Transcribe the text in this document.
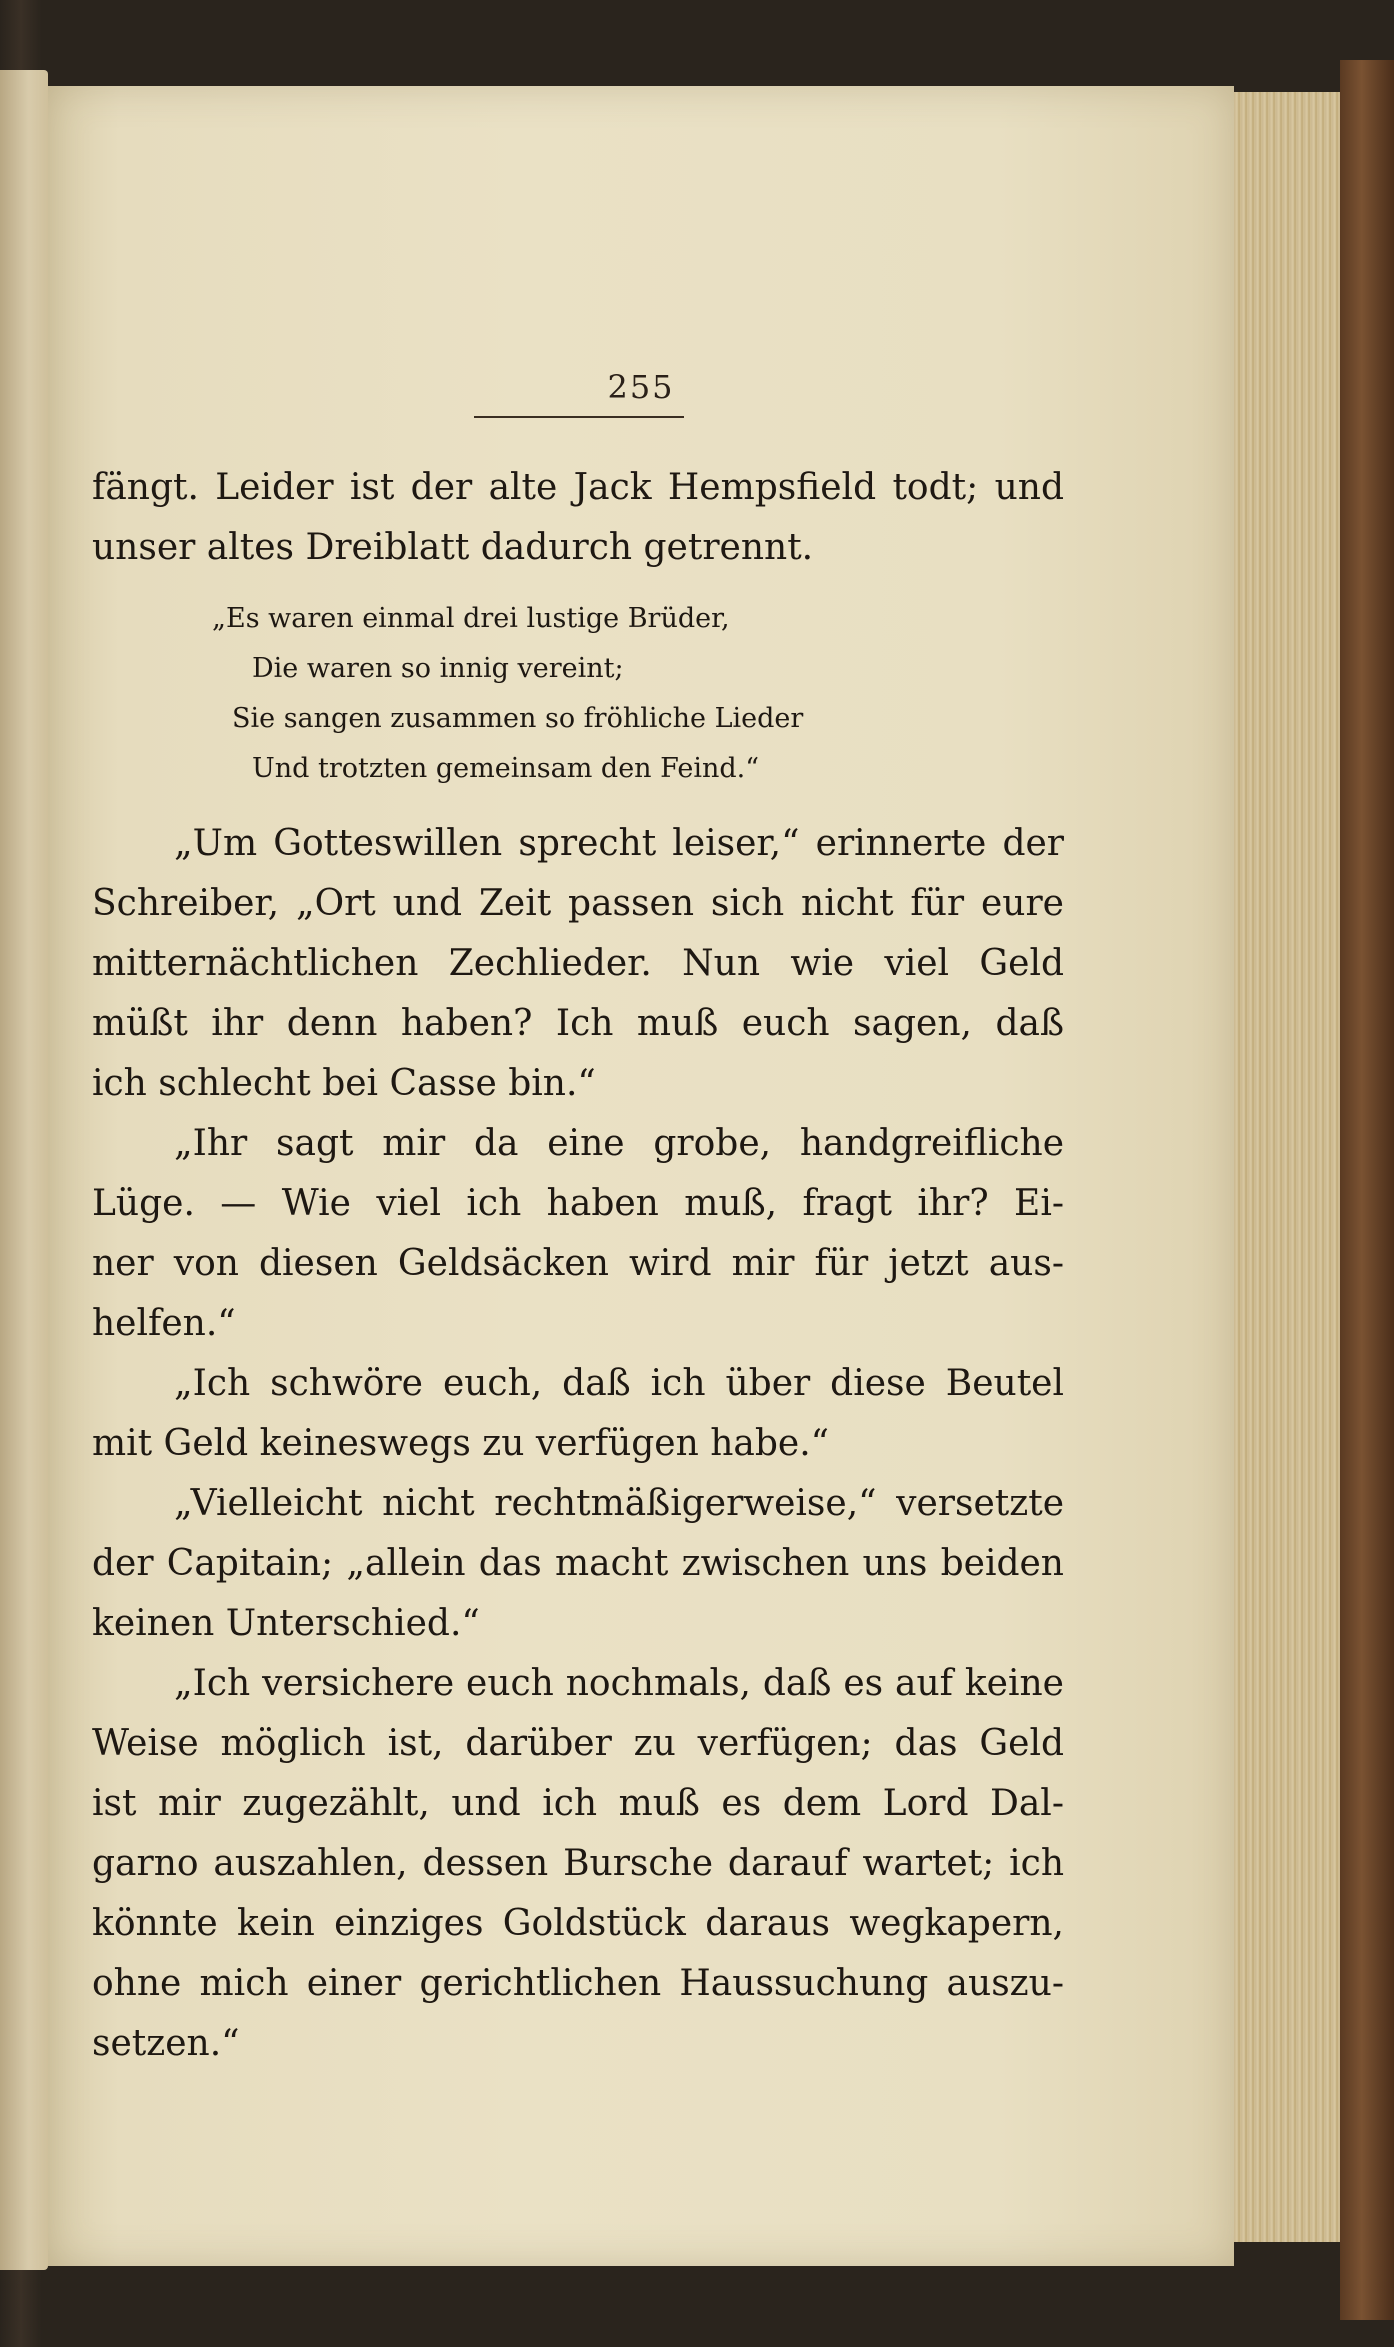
255
fängt. Leider ist der alte Jack Hempsfield todt; und
unser altes Dreiblatt dadurch getrennt.
„Es waren einmal drei lustige Brüder,
Die waren so innig vereint;
Sie sangen zusammen so fröhliche Lieder
Und trotzten gemeinsam den Feind.“
„Um Gotteswillen sprecht leiser,“ erinnerte der
Schreiber, „Ort und Zeit passen sich nicht für eure
mitternächtlichen Zechlieder. Nun wie viel Geld
müßt ihr denn haben? Ich muß euch sagen, daß
ich schlecht bei Casse bin.“
„Ihr sagt mir da eine grobe, handgreifliche
Lüge. — Wie viel ich haben muß, fragt ihr? Ei-
ner von diesen Geldsäcken wird mir für jetzt aus-
helfen.“
„Ich schwöre euch, daß ich über diese Beutel
mit Geld keineswegs zu verfügen habe.“
„Vielleicht nicht rechtmäßigerweise,“ versetzte
der Capitain; „allein das macht zwischen uns beiden
keinen Unterschied.“
„Ich versichere euch nochmals, daß es auf keine
Weise möglich ist, darüber zu verfügen; das Geld
ist mir zugezählt, und ich muß es dem Lord Dal-
garno auszahlen, dessen Bursche darauf wartet; ich
könnte kein einziges Goldstück daraus wegkapern,
ohne mich einer gerichtlichen Haussuchung auszu-
setzen.“
